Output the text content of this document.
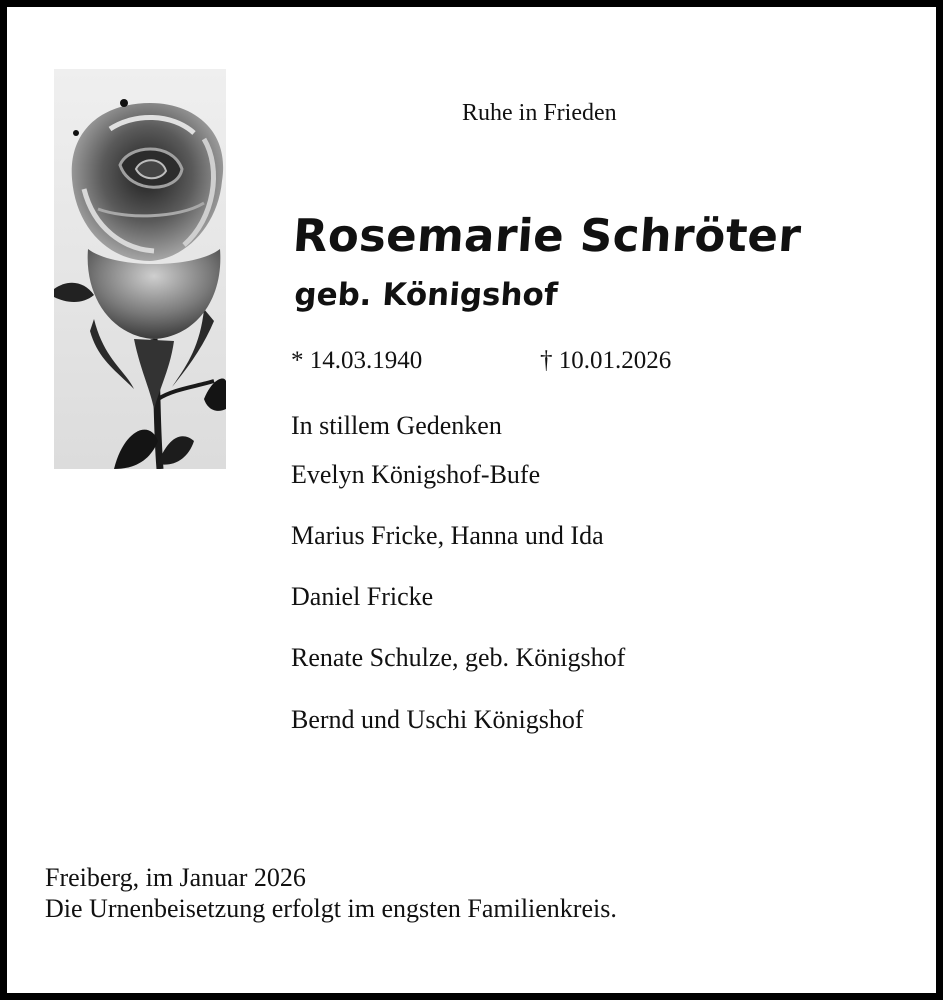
Ruhe in Frieden
Rosemarie Schröter
geb. Königshof
* 14.03.1940	† 10.01.2026
In stillem Gedenken
Evelyn Königshof-Bufe
Marius Fricke, Hanna und Ida
Daniel Fricke
Renate Schulze, geb. Königshof
Bernd und Uschi Königshof
Freiberg, im Januar 2026
Die Urnenbeisetzung erfolgt im engsten Familienkreis.
